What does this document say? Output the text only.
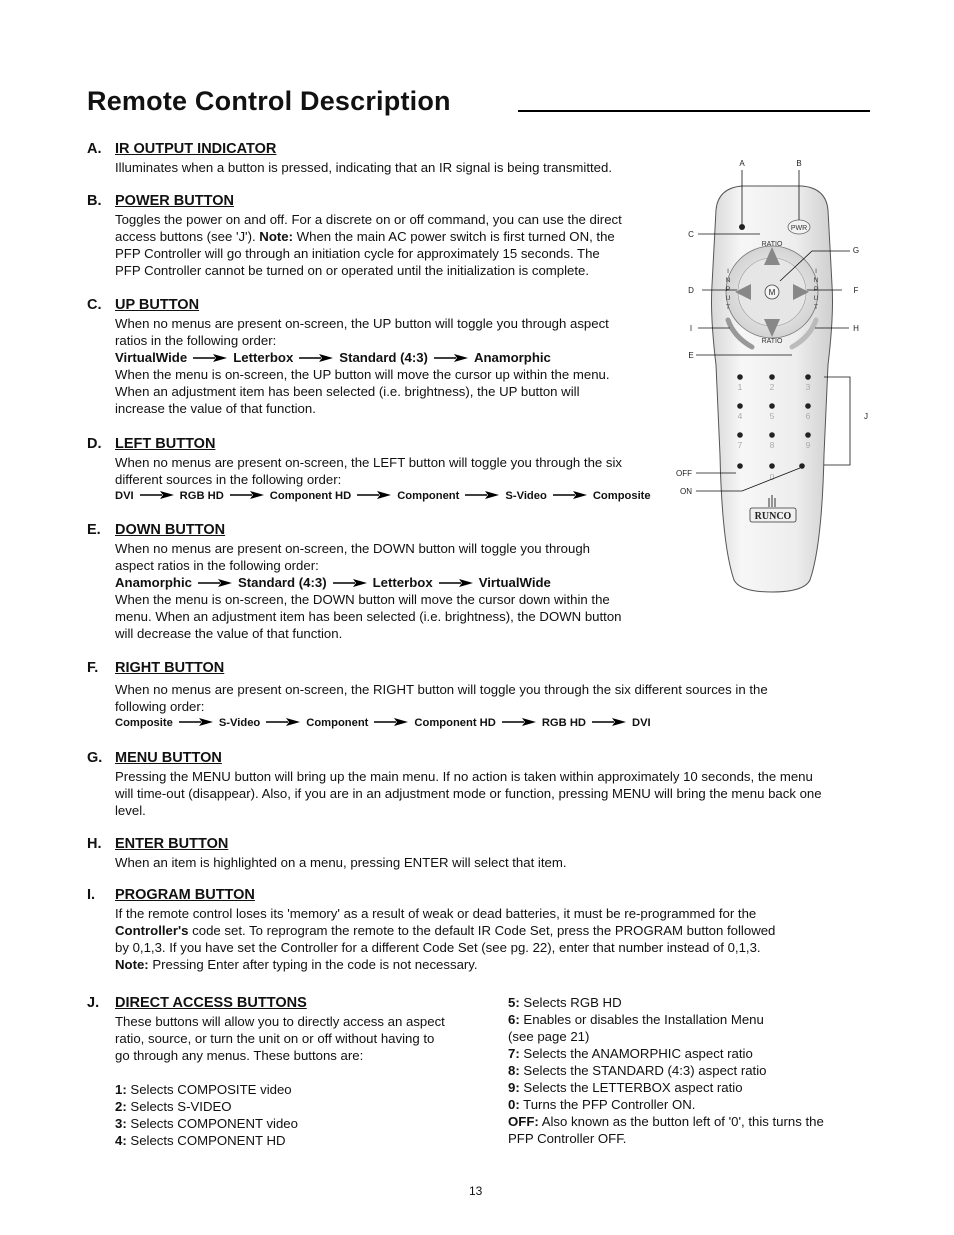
Remote Control Description
A. IR OUTPUT INDICATOR
Illuminates when a button is pressed, indicating that an IR signal is being transmitted.
B. POWER BUTTON
Toggles the power on and off. For a discrete on or off command, you can use the direct
access buttons (see 'J'). Note: When the main AC power switch is first turned ON, the
PFP Controller will go through an initiation cycle for approximately 15 seconds. The
PFP Controller cannot be turned on or operated until the initialization is complete.
C. UP BUTTON
When no menus are present on-screen, the UP button will toggle you through aspect
ratios in the following order:
VirtualWide	Letterbox	Standard (4:3)	Anamorphic
When the menu is on-screen, the UP button will move the cursor up within the menu.
When an adjustment item has been selected (i.e. brightness), the UP button will
increase the value of that function.
D. LEFT BUTTON
When no menus are present on-screen, the LEFT button will toggle you through the six
different sources in the following order:
DVI	RGB HD	Component HD	Component	S-Video	Composite
E. DOWN BUTTON
When no menus are present on-screen, the DOWN button will toggle you through
aspect ratios in the following order:
Anamorphic	Standard (4:3)	Letterbox	VirtualWide
When the menu is on-screen, the DOWN button will move the cursor down within the
menu. When an adjustment item has been selected (i.e. brightness), the DOWN button
will decrease the value of that function.
F. RIGHT BUTTON
When no menus are present on-screen, the RIGHT button will toggle you through the six different sources in the
following order:
Composite	S-Video	Component	Component HD	RGB HD	DVI
G. MENU BUTTON
Pressing the MENU button will bring up the main menu. If no action is taken within approximately 10 seconds, the menu
will time-out (disappear). Also, if you are in an adjustment mode or function, pressing MENU will bring the menu back one
level.
H. ENTER BUTTON
When an item is highlighted on a menu, pressing ENTER will select that item.
I. PROGRAM BUTTON
If the remote control loses its 'memory' as a result of weak or dead batteries, it must be re-programmed for the
Controller's code set. To reprogram the remote to the default IR Code Set, press the PROGRAM button followed
by 0,1,3. If you have set the Controller for a different Code Set (see pg. 22), enter that number instead of 0,1,3.
Note: Pressing Enter after typing in the code is not necessary.
J. DIRECT ACCESS BUTTONS
These buttons will allow you to directly access an aspect
ratio, source, or turn the unit on or off without having to
go through any menus. These buttons are:
1: Selects COMPOSITE video
2: Selects S-VIDEO
3: Selects COMPONENT video
4: Selects COMPONENT HD
5: Selects RGB HD
6: Enables or disables the Installation Menu
(see page 21)
7: Selects the ANAMORPHIC aspect ratio
8: Selects the STANDARD (4:3) aspect ratio
9: Selects the LETTERBOX aspect ratio
0: Turns the PFP Controller ON.
OFF: Also known as the button left of '0', this turns the
PFP Controller OFF.
PWR
M
RATIO
RATIO
I
N
P
U
T
I
N
P
U
T
1	2	3
4	5	6
7	8	9
0
RUNCO
A	B
C
G
D	F
I	H
E
J
OFF
ON
13
